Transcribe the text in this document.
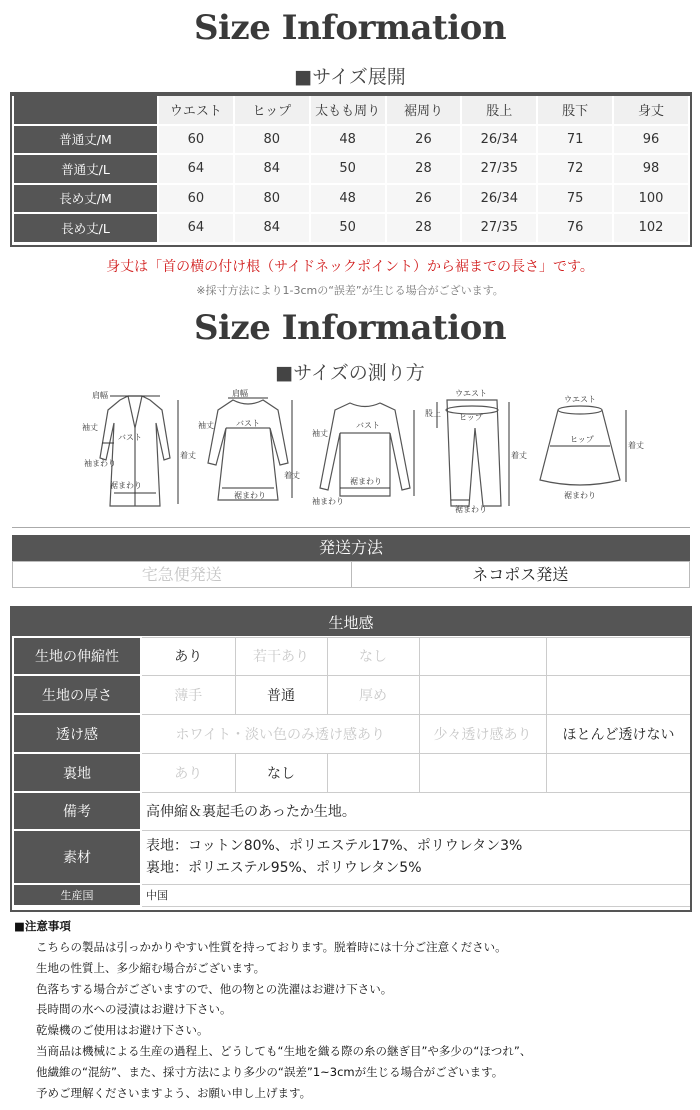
Size Information
■サイズ展開
	ウエスト	ヒップ	太もも周り	裾周り	股上	股下	身丈
普通丈/M	60	80	48	26	26/34	71	96
普通丈/L	64	84	50	28	27/35	72	98
長め丈/M	60	80	48	26	26/34	75	100
長め丈/L	64	84	50	28	27/35	76	102
身丈は「首の横の付け根（サイドネックポイント）から裾までの長さ」です。
※採寸方法により1-3cmの“誤差”が生じる場合がございます。
Size Information
■サイズの測り方
肩幅
袖丈
バスト
着丈
袖まわり
裾まわり
肩幅
袖丈	バスト
着丈
裾まわり
バスト
袖丈
裾まわり
袖まわり
ウエスト
ヒップ
股上
着丈
裾まわり
ウエスト
ヒップ
着丈
裾まわり
発送方法
宅急便発送	ネコポス発送
生地感
生地の伸縮性	あり	若干あり	なし		
生地の厚さ	薄手	普通	厚め		
透け感	ホワイト・淡い色のみ透け感あり			少々透け感あり	ほとんど透けない
裏地	あり	なし			
備考	高伸縮＆裏起毛のあったか生地。				
素材	表地：コットン80%、ポリエステル17%、ポリウレタン3%
裏地：ポリエステル95%、ポリウレタン5%				

生産国	中国				
■注意事項
こちらの製品は引っかかりやすい性質を持っております。脱着時には十分ご注意ください。
生地の性質上、多少縮む場合がございます。
色落ちする場合がございますので、他の物との洗濯はお避け下さい。
長時間の水への浸漬はお避け下さい。
乾燥機のご使用はお避け下さい。
当商品は機械による生産の過程上、どうしても“生地を織る際の糸の継ぎ目”や多少の“ほつれ”、
他繊維の“混紡”、また、採寸方法により多少の“誤差”1~3cmが生じる場合がございます。
予めご理解くださいますよう、お願い申し上げます。
